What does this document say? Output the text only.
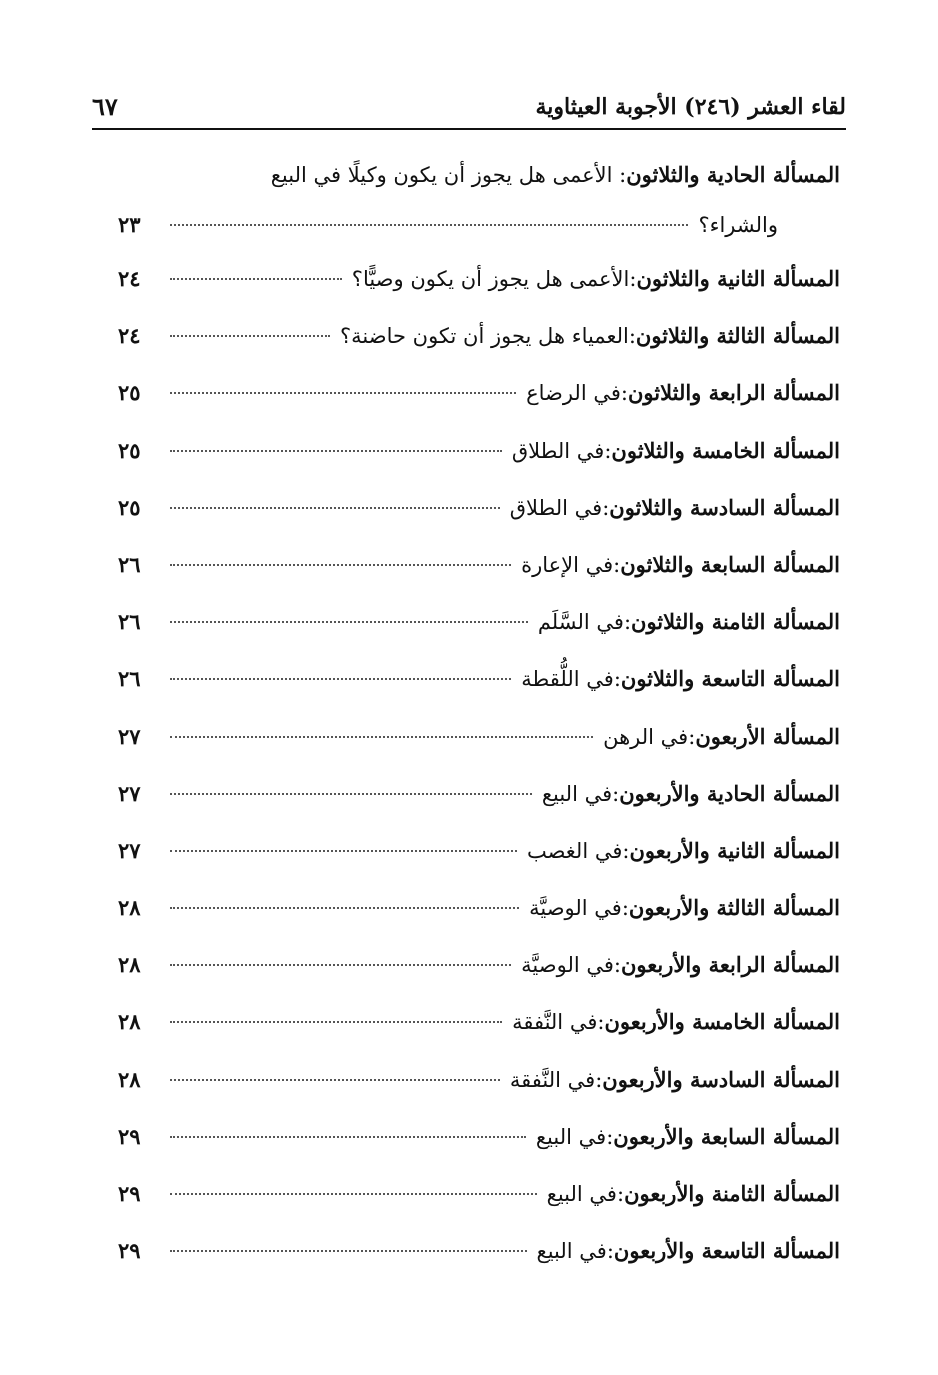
لقاء العشر (٢٤٦) الأجوبة العيثاوية
٦٧
المسألة الحادية والثلاثون: الأعمى هل يجوز أن يكون وكيلًا في البيع
والشراء؟
٢٣
المسألة الثانية والثلاثون
:
الأعمى هل يجوز أن يكون وصيًّا؟
٢٤
المسألة الثالثة والثلاثون
:
العمياء هل يجوز أن تكون حاضنة؟
٢٤
المسألة الرابعة والثلاثون
:
في الرضاع
٢٥
المسألة الخامسة والثلاثون
:
في الطلاق
٢٥
المسألة السادسة والثلاثون
:
في الطلاق
٢٥
المسألة السابعة والثلاثون
:
في الإعارة
٢٦
المسألة الثامنة والثلاثون
:
في السَّلَم
٢٦
المسألة التاسعة والثلاثون
:
في اللُّقطة
٢٦
المسألة الأربعون
:
في الرهن
٢٧
المسألة الحادية والأربعون
:
في البيع
٢٧
المسألة الثانية والأربعون
:
في الغصب
٢٧
المسألة الثالثة والأربعون
:
في الوصيَّة
٢٨
المسألة الرابعة والأربعون
:
في الوصيَّة
٢٨
المسألة الخامسة والأربعون
:
في النَّفقة
٢٨
المسألة السادسة والأربعون
:
في النَّفقة
٢٨
المسألة السابعة والأربعون
:
في البيع
٢٩
المسألة الثامنة والأربعون
:
في البيع
٢٩
المسألة التاسعة والأربعون
:
في البيع
٢٩
